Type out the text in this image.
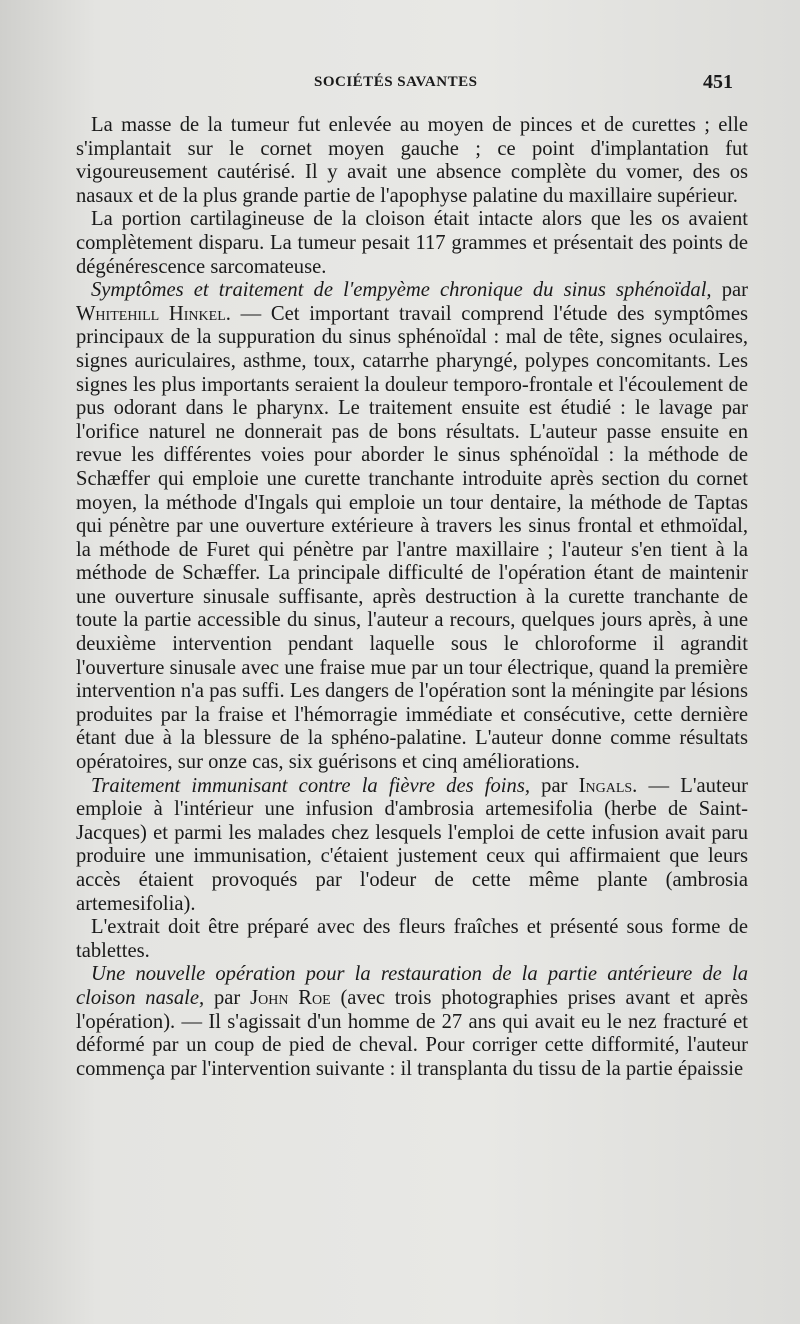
SOCIÉTÉS SAVANTES	451

La masse de la tumeur fut enlevée au moyen de pinces et de curettes ; elle s'implantait sur le cornet moyen gauche ; ce point d'implantation fut vigoureusement cautérisé. Il y avait une absence complète du vomer, des os nasaux et de la plus grande partie de l'apophyse palatine du maxillaire supérieur.

La portion cartilagineuse de la cloison était intacte alors que les os avaient complètement disparu. La tumeur pesait 117 grammes et présentait des points de dégénérescence sarcomateuse.

Symptômes et traitement de l'empyème chronique du sinus sphénoïdal, par Whitehill Hinkel. — Cet important travail comprend l'étude des symptômes principaux de la suppuration du sinus sphénoïdal : mal de tête, signes oculaires, signes auriculaires, asthme, toux, catarrhe pharyngé, polypes concomitants. Les signes les plus importants seraient la douleur temporo-frontale et l'écoulement de pus odorant dans le pharynx. Le traitement ensuite est étudié : le lavage par l'orifice naturel ne donnerait pas de bons résultats. L'auteur passe ensuite en revue les différentes voies pour aborder le sinus sphénoïdal : la méthode de Schæffer qui emploie une curette tranchante introduite après section du cornet moyen, la méthode d'Ingals qui emploie un tour dentaire, la méthode de Taptas qui pénètre par une ouverture extérieure à travers les sinus frontal et ethmoïdal, la méthode de Furet qui pénètre par l'antre maxillaire ; l'auteur s'en tient à la méthode de Schæffer. La principale difficulté de l'opération étant de maintenir une ouverture sinusale suffisante, après destruction à la curette tranchante de toute la partie accessible du sinus, l'auteur a recours, quelques jours après, à une deuxième intervention pendant laquelle sous le chloroforme il agrandit l'ouverture sinusale avec une fraise mue par un tour électrique, quand la première intervention n'a pas suffi. Les dangers de l'opération sont la méningite par lésions produites par la fraise et l'hémorragie immédiate et consécutive, cette dernière étant due à la blessure de la sphéno-palatine. L'auteur donne comme résultats opératoires, sur onze cas, six guérisons et cinq améliorations.

Traitement immunisant contre la fièvre des foins, par Ingals. — L'auteur emploie à l'intérieur une infusion d'ambrosia artemesifolia (herbe de Saint-Jacques) et parmi les malades chez lesquels l'emploi de cette infusion avait paru produire une immunisation, c'étaient justement ceux qui affirmaient que leurs accès étaient provoqués par l'odeur de cette même plante (ambrosia artemesifolia).

L'extrait doit être préparé avec des fleurs fraîches et présenté sous forme de tablettes.

Une nouvelle opération pour la restauration de la partie antérieure de la cloison nasale, par John Roe (avec trois photographies prises avant et après l'opération). — Il s'agissait d'un homme de 27 ans qui avait eu le nez fracturé et déformé par un coup de pied de cheval. Pour corriger cette difformité, l'auteur commença par l'intervention suivante : il transplanta du tissu de la partie épaissie
